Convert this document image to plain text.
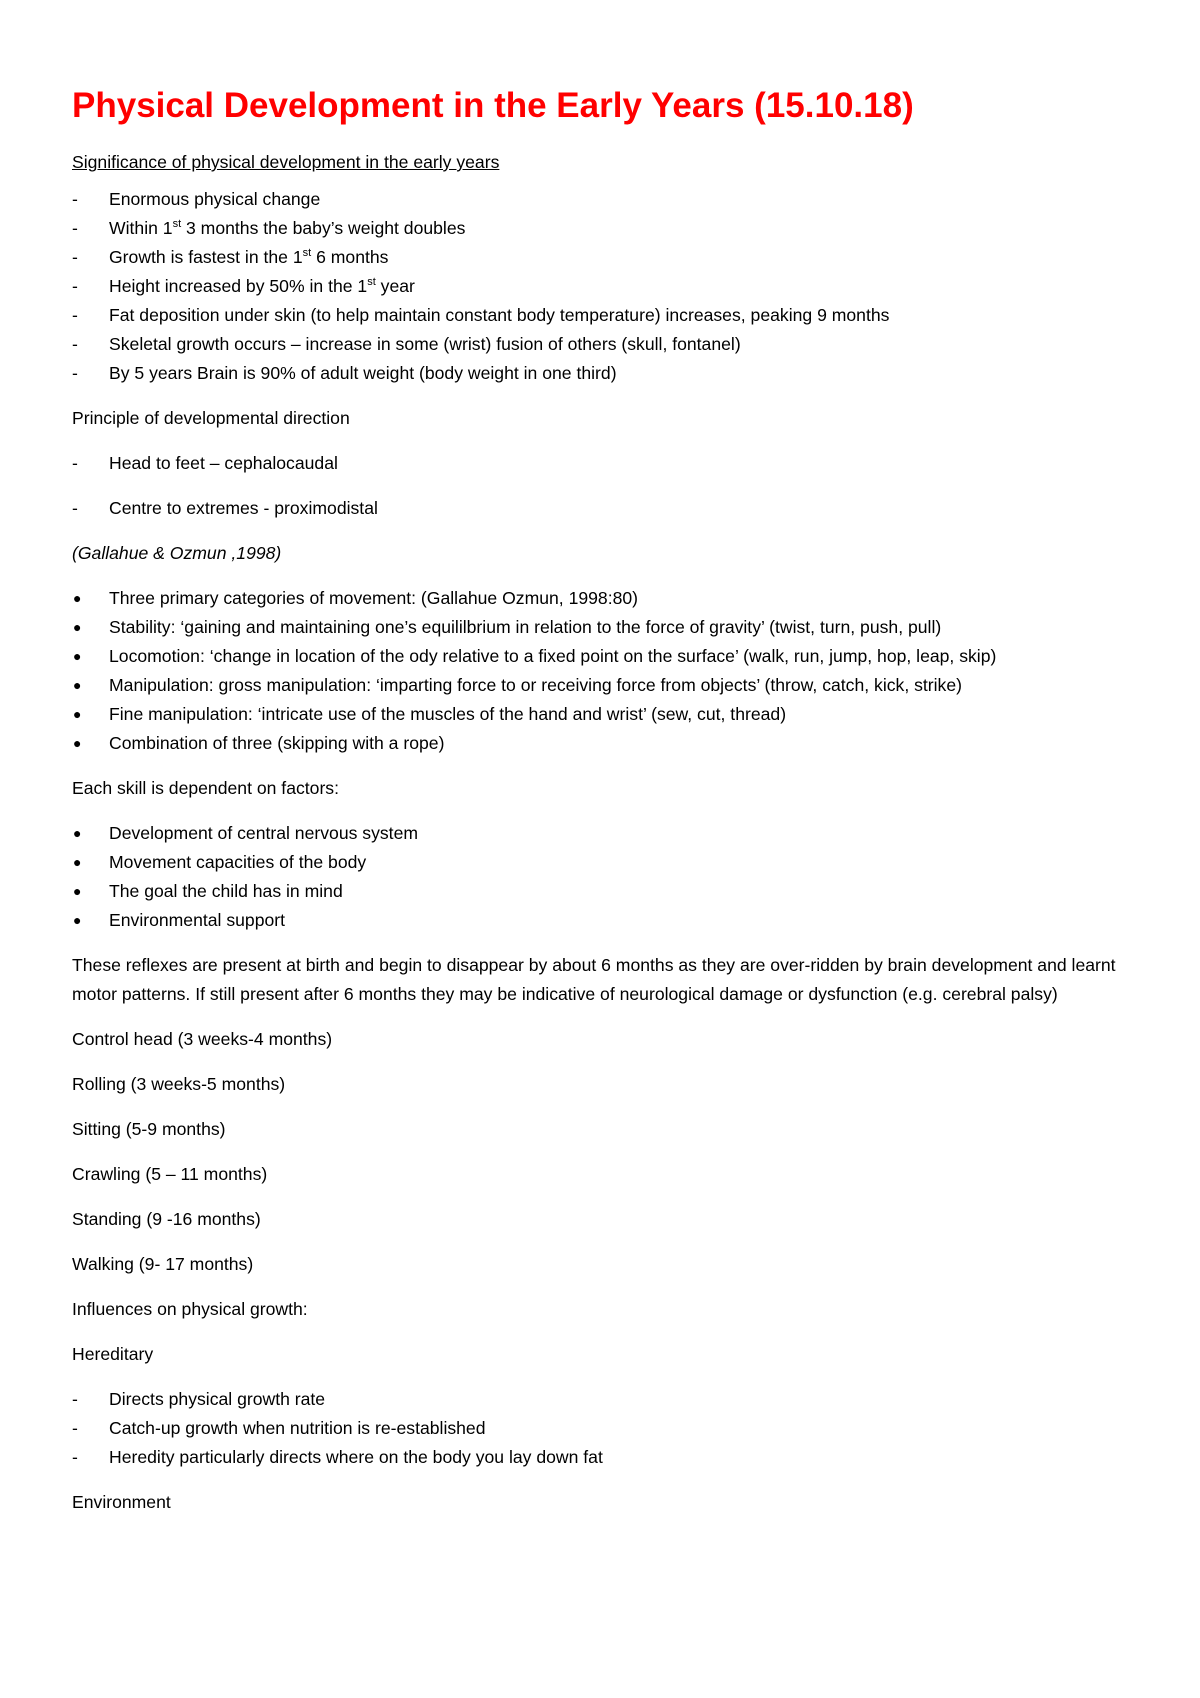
Physical Development in the Early Years (15.10.18)
Significance of physical development in the early years
- Enormous physical change
- Within 1st 3 months the baby’s weight doubles
- Growth is fastest in the 1st 6 months
- Height increased by 50% in the 1st year
- Fat deposition under skin (to help maintain constant body temperature) increases, peaking 9 months
- Skeletal growth occurs – increase in some (wrist) fusion of others (skull, fontanel)
- By 5 years Brain is 90% of adult weight (body weight in one third)
Principle of developmental direction
- Head to feet – cephalocaudal
- Centre to extremes - proximodistal
(Gallahue & Ozmun ,1998)
● Three primary categories of movement: (Gallahue Ozmun, 1998:80)
● Stability: ‘gaining and maintaining one’s equililbrium in relation to the force of gravity’ (twist, turn, push, pull)
● Locomotion: ‘change in location of the ody relative to a fixed point on the surface’ (walk, run, jump, hop, leap, skip)
● Manipulation: gross manipulation: ‘imparting force to or receiving force from objects’ (throw, catch, kick, strike)
● Fine manipulation: ‘intricate use of the muscles of the hand and wrist’ (sew, cut, thread)
● Combination of three (skipping with a rope)
Each skill is dependent on factors:
● Development of central nervous system
● Movement capacities of the body
● The goal the child has in mind
● Environmental support
These reflexes are present at birth and begin to disappear by about 6 months as they are over-ridden by brain development and learnt motor patterns. If still present after 6 months they may be indicative of neurological damage or dysfunction (e.g. cerebral palsy)
Control head (3 weeks-4 months)
Rolling (3 weeks-5 months)
Sitting (5-9 months)
Crawling (5 – 11 months)
Standing (9 -16 months)
Walking (9- 17 months)
Influences on physical growth:
Hereditary
- Directs physical growth rate
- Catch-up growth when nutrition is re-established
- Heredity particularly directs where on the body you lay down fat
Environment
